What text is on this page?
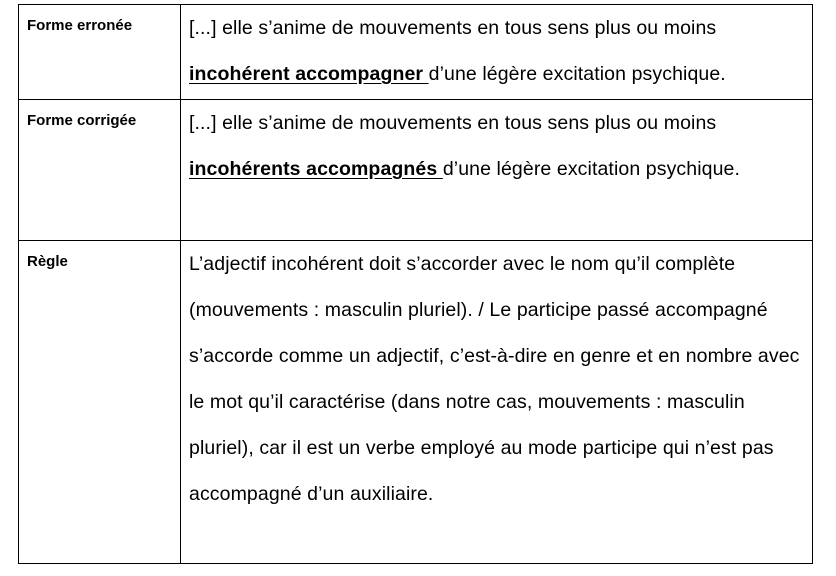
Forme erronée	[...] elle s’anime de mouvements en tous sens plus ou moins
incohérent accompagner d’une légère excitation psychique.

Forme corrigée	[...] elle s’anime de mouvements en tous sens plus ou moins
incohérents accompagnés d’une légère excitation psychique.

Règle	L’adjectif incohérent doit s’accorder avec le nom qu’il complète (mouvements : masculin pluriel). / Le participe passé accompagné s’accorde comme un adjectif, c’est-à-dire en genre et en nombre avec le mot qu’il caractérise (dans notre cas, mouvements : masculin pluriel), car il est un verbe employé au mode participe qui n’est pas accompagné d’un auxiliaire.
